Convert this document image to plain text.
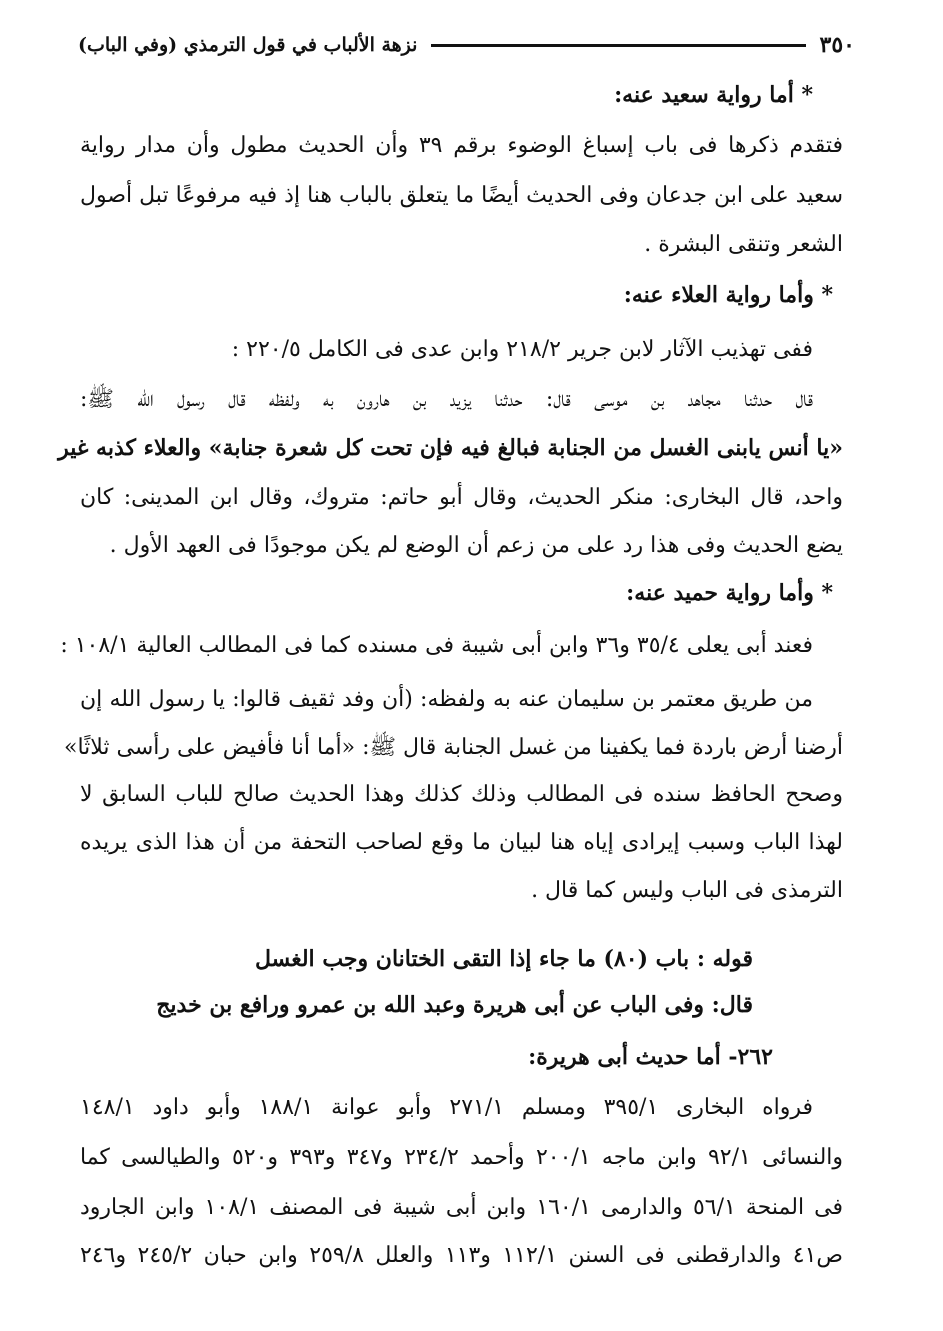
٣٥٠
نزهة الألباب في قول الترمذي (وفي الباب)
* أما رواية سعيد عنه:
فتقدم ذكرها فى باب إسباغ الوضوء برقم ٣٩ وأن الحديث مطول وأن مدار رواية
سعيد على ابن جدعان وفى الحديث أيضًا ما يتعلق بالباب هنا إذ فيه مرفوعًا تبل أصول
الشعر وتنقى البشرة .
* وأما رواية العلاء عنه:
ففى تهذيب الآثار لابن جرير ٢١٨/٢ وابن عدى فى الكامل ٢٢٠/٥ :
قال حدثنا مجاهد بن موسى قال: حدثنا يزيد بن هارون به ولفظه قال رسول الله ﷺ:
«يا أنس يابنى الغسل من الجنابة فبالغ فيه فإن تحت كل شعرة جنابة» والعلاء كذبه غير
واحد، قال البخارى: منكر الحديث، وقال أبو حاتم: متروك، وقال ابن المدينى: كان
يضع الحديث وفى هذا رد على من زعم أن الوضع لم يكن موجودًا فى العهد الأول .
* وأما رواية حميد عنه:
فعند أبى يعلى ٣٥/٤ و٣٦ وابن أبى شيبة فى مسنده كما فى المطالب العالية ١٠٨/١ :
من طريق معتمر بن سليمان عنه به ولفظه: (أن وفد ثقيف قالوا: يا رسول الله إن
أرضنا أرض باردة فما يكفينا من غسل الجنابة قال ﷺ: «أما أنا فأفيض على رأسى ثلاثًا»
وصحح الحافظ سنده فى المطالب وذلك كذلك وهذا الحديث صالح للباب السابق لا
لهذا الباب وسبب إيرادى إياه هنا لبيان ما وقع لصاحب التحفة من أن هذا الذى يريده
الترمذى فى الباب وليس كما قال .
قوله : باب (٨٠) ما جاء إذا التقى الختانان وجب الغسل
قال: وفى الباب عن أبى هريرة وعبد الله بن عمرو ورافع بن خديج
٢٦٢- أما حديث أبى هريرة:
فرواه البخارى ٣٩٥/١ ومسلم ٢٧١/١ وأبو عوانة ١٨٨/١ وأبو داود ١٤٨/١
والنسائى ٩٢/١ وابن ماجه ٢٠٠/١ وأحمد ٢٣٤/٢ و٣٤٧ و٣٩٣ و٥٢٠ والطيالسى كما
فى المنحة ٥٦/١ والدارمى ١٦٠/١ وابن أبى شيبة فى المصنف ١٠٨/١ وابن الجارود
ص٤١ والدارقطنى فى السنن ١١٢/١ و١١٣ والعلل ٢٥٩/٨ وابن حبان ٢٤٥/٢ و٢٤٦
